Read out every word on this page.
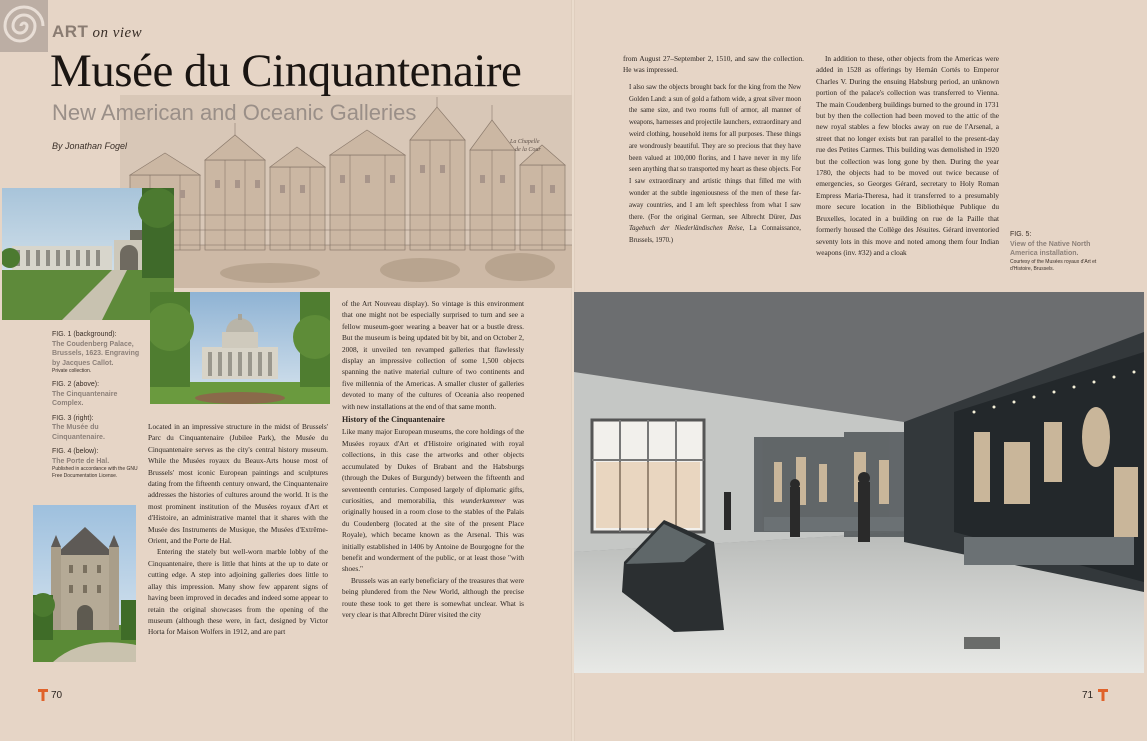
La Chapelle
de la Cour
ART on view
Musée du Cinquantenaire
New American and Oceanic Galleries
By Jonathan Fogel
FIG. 1 (background):
The Coudenberg Palace, Brussels, 1623. Engraving by Jacques Callot.
Private collection.
FIG. 2 (above):
The Cinquantenaire Complex.
FIG. 3 (right):
The Musée du Cinquantenaire.
FIG. 4 (below):
The Porte de Hal.
Published in accordance with the GNU Free Documentation License.
FIG. 5:
View of the Native North America installation.
Courtesy of the Musées royaux d'Art et d'Histoire, Brussels.

Located in an impressive structure in the midst of Brussels' Parc du Cinquantenaire (Jubilee Park), the Musée du Cinquantenaire serves as the city's central history museum. While the Musées royaux du Beaux-Arts house most of Brussels' most iconic European paintings and sculptures dating from the fifteenth century onward, the Cinquantenaire addresses the histories of cultures around the world. It is the most prominent institution of the Musées royaux d'Art et d'Histoire, an administrative mantel that it shares with the Musée des Instruments de Musique, the Musées d'Extrême-Orient, and the Porte de Hal.

Entering the stately but well-worn marble lobby of the Cinquantenaire, there is little that hints at the up to date or cutting edge. A step into adjoining galleries does little to allay this impression. Many show few apparent signs of having been improved in decades and indeed some appear to retain the original showcases from the opening of the museum (although these were, in fact, designed by Victor Horta for Maison Wolfers in 1912, and are part

of the Art Nouveau display). So vintage is this environment that one might not be especially surprised to turn and see a fellow museum-goer wearing a beaver hat or a bustle dress. But the museum is being updated bit by bit, and on October 2, 2008, it unveiled ten revamped galleries that flawlessly display an impressive collection of some 1,500 objects spanning the native material culture of two continents and five millennia of the Americas. A smaller cluster of galleries devoted to many of the cultures of Oceania also reopened with new installations at the end of that same month.

History of the Cinquantenaire

Like many major European museums, the core holdings of the Musées royaux d'Art et d'Histoire originated with royal collections, in this case the artworks and other objects accumulated by Dukes of Brabant and the Habsburgs (through the Dukes of Burgundy) between the fifteenth and seventeenth centuries. Composed largely of diplomatic gifts, curiosities, and memorabilia, this wunderkammer was originally housed in a room close to the stables of the Palais du Coudenberg (located at the site of the present Place Royale), which became known as the Arsenal. This was initially established in 1406 by Antoine de Bourgogne for the benefit and wonderment of the public, or at least those "with shoes."

Brussels was an early beneficiary of the treasures that were being plundered from the New World, although the precise route these took to get there is somewhat unclear. What is very clear is that Albrecht Dürer visited the city

from August 27–September 2, 1510, and saw the collection. He was impressed.

I also saw the objects brought back for the king from the New Golden Land: a sun of gold a fathom wide, a great silver moon the same size, and two rooms full of armor, all manner of weapons, harnesses and projectile launchers, extraordinary and weird clothing, household items for all purposes. These things are wondrously beautiful. They are so precious that they have been valued at 100,000 florins, and I have never in my life seen anything that so transported my heart as these objects. For I saw extraordinary and artistic things that filled me with wonder at the subtle ingeniousness of the men of these far-away countries, and I am left speechless from what I saw there. (For the original German, see Albrecht Dürer, Das Tagebuch der Niederländischen Reise, La Connaissance, Brussels, 1970.)

In addition to these, other objects from the Americas were added in 1528 as offerings by Hernán Cortés to Emperor Charles V. During the ensuing Habsburg period, an unknown portion of the palace's collection was transferred to Vienna. The main Coudenberg buildings burned to the ground in 1731 but by then the collection had been moved to the attic of the new royal stables a few blocks away on rue de l'Arsenal, a street that no longer exists but ran parallel to the present-day rue des Petites Carmes. This building was demolished in 1920 but the collection was long gone by then. During the year 1780, the objects had to be moved out twice because of emergencies, so Georges Gérard, secretary to Holy Roman Empress Maria-Theresa, had it transferred to a presumably more secure location in the Bibliothèque Publique du Bruxelles, located in a building on rue de la Paille that formerly housed the Collège des Jésuites. Gérard inventoried seventy lots in this move and noted among them four Indian weapons (inv. #32) and a cloak

70	71
